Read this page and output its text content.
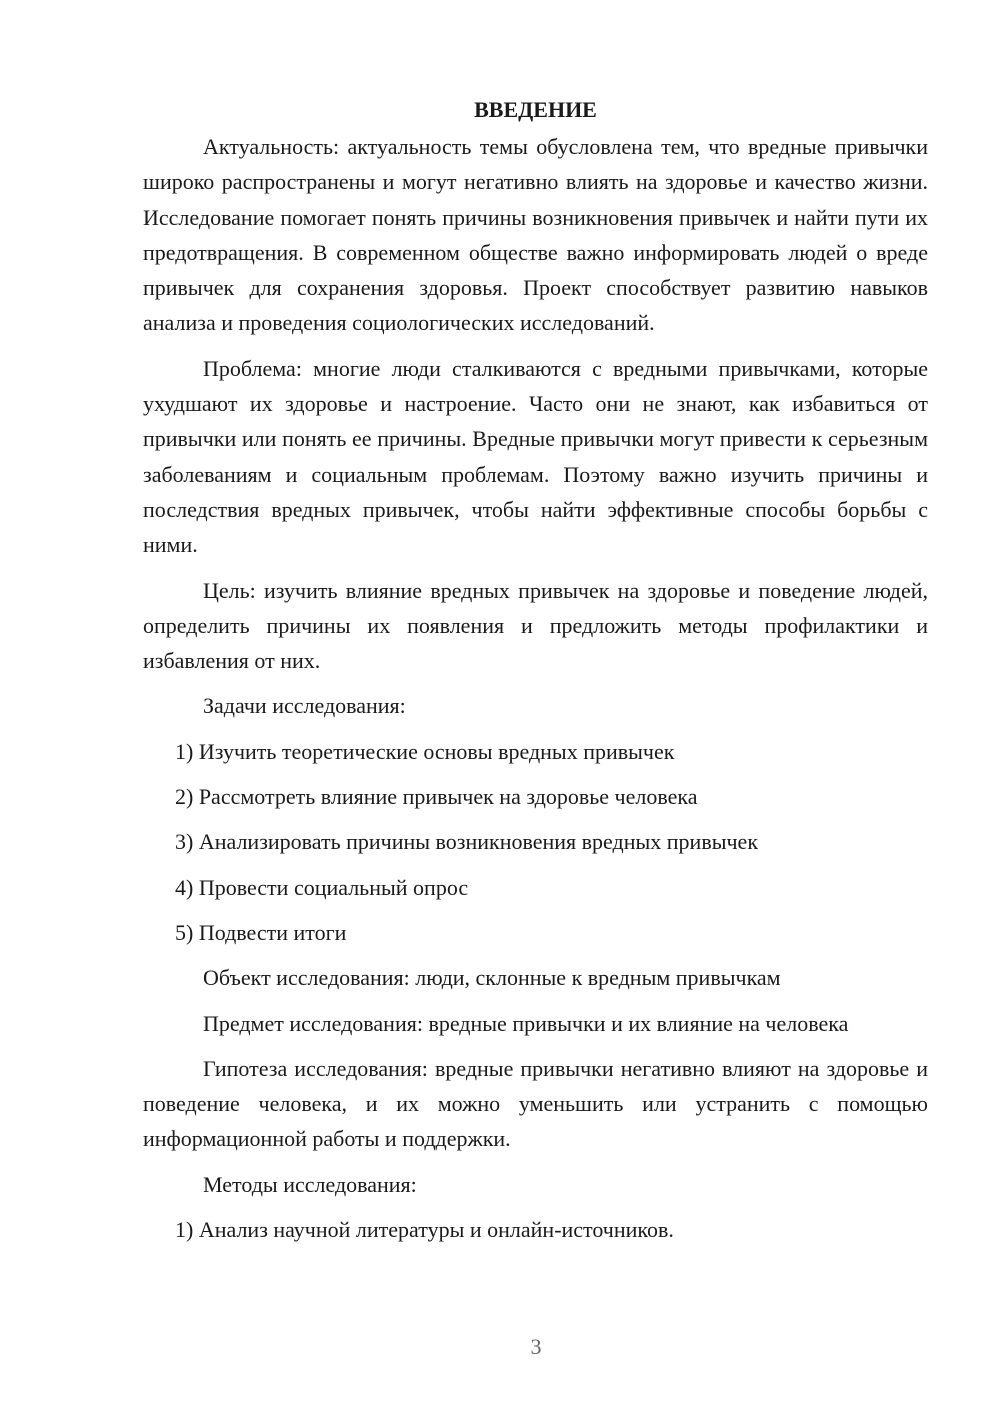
ВВЕДЕНИЕ

Актуальность: актуальность темы обусловлена тем, что вредные привычки широко распространены и могут негативно влиять на здоровье и качество жизни. Исследование помогает понять причины возникновения привычек и найти пути их предотвращения. В современном обществе важно информировать людей о вреде привычек для сохранения здоровья. Проект способствует развитию навыков анализа и проведения социологических исследований.

Проблема: многие люди сталкиваются с вредными привычками, которые ухудшают их здоровье и настроение. Часто они не знают, как избавиться от привычки или понять ее причины. Вредные привычки могут привести к серьезным заболеваниям и социальным проблемам. Поэтому важно изучить причины и последствия вредных привычек, чтобы найти эффективные способы борьбы с ними.

Цель: изучить влияние вредных привычек на здоровье и поведение людей, определить причины их появления и предложить методы профилактики и избавления от них.

Задачи исследования:

1) Изучить теоретические основы вредных привычек

2) Рассмотреть влияние привычек на здоровье человека

3) Анализировать причины возникновения вредных привычек

4) Провести социальный опрос

5) Подвести итоги

Объект исследования: люди, склонные к вредным привычкам

Предмет исследования: вредные привычки и их влияние на человека

Гипотеза исследования: вредные привычки негативно влияют на здоровье и поведение человека, и их можно уменьшить или устранить с помощью информационной работы и поддержки.

Методы исследования:

1) Анализ научной литературы и онлайн-источников.

3
